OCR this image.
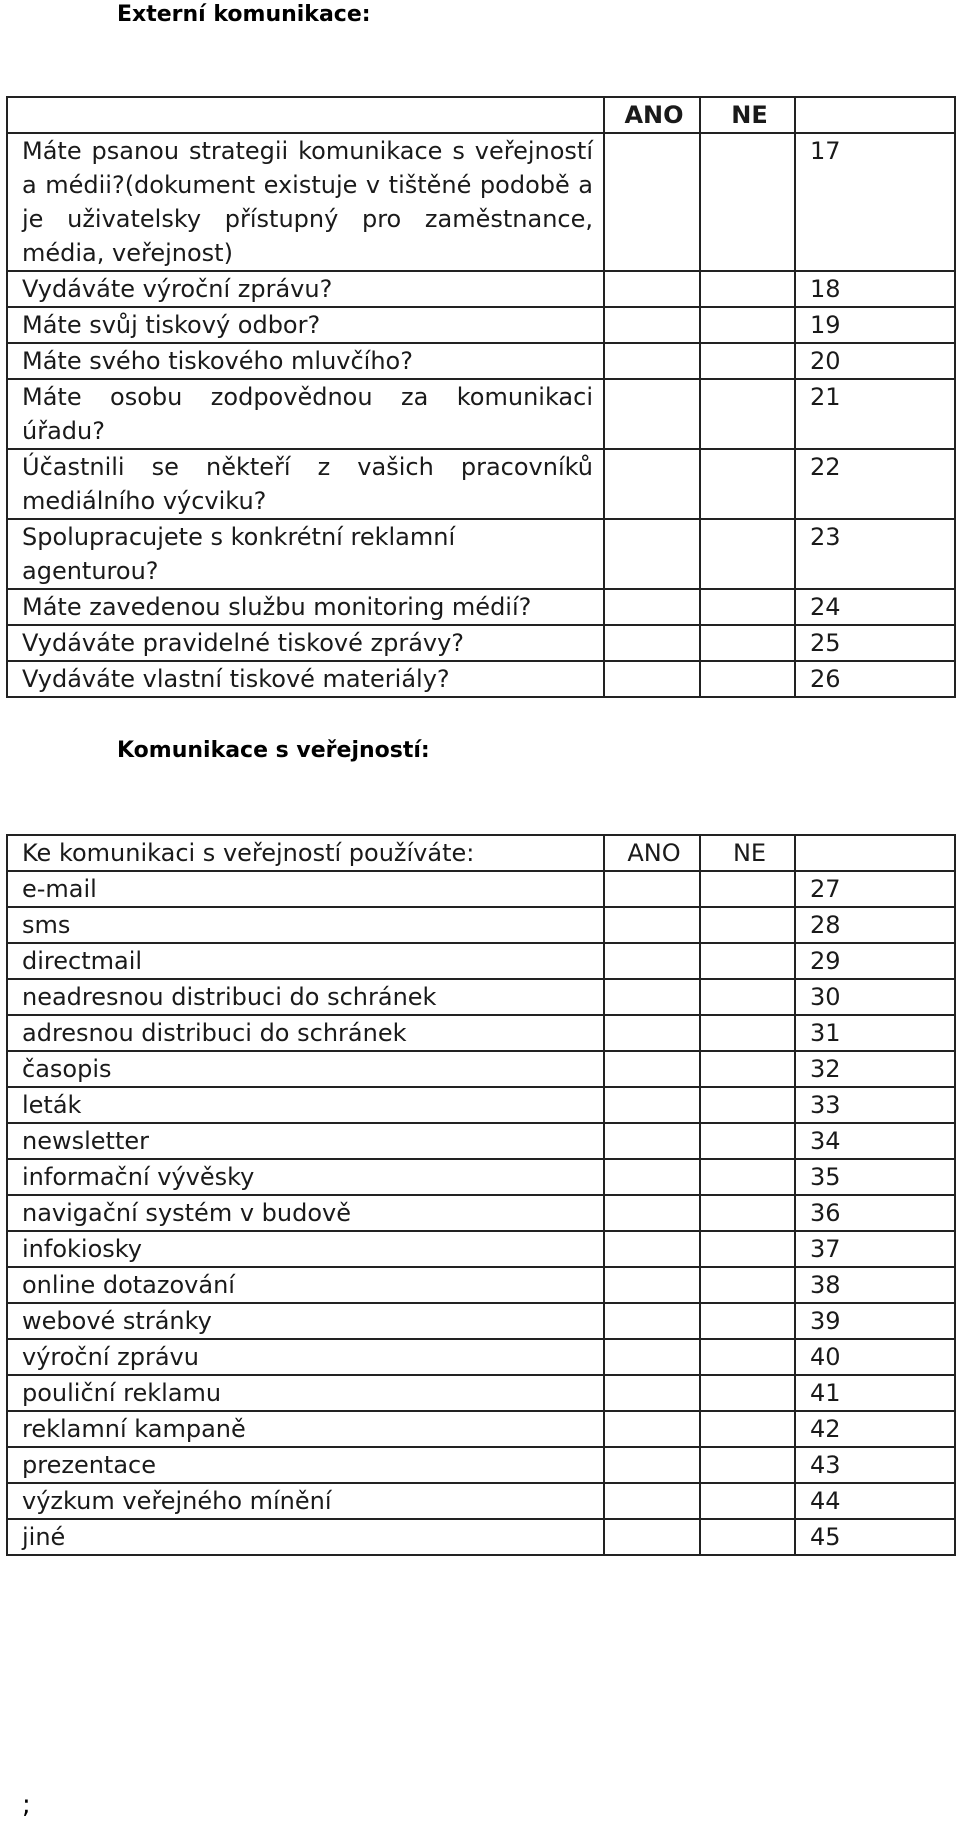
Externí komunikace:
	ANO	NE	
Máte psanou strategii komunikace s veřejností a médii?(dokument existuje v tištěné podobě a je uživatelsky přístupný pro zaměstnance, média, veřejnost)			17
Vydáváte výroční zprávu?			18
Máte svůj tiskový odbor?			19
Máte svého tiskového mluvčího?			20
Máte osobu zodpovědnou za komunikaci úřadu?			21
Účastnili se někteří z vašich pracovníků mediálního výcviku?			22
Spolupracujete s konkrétní reklamní agenturou?			23
Máte zavedenou službu monitoring médií?			24
Vydáváte pravidelné tiskové zprávy?			25
Vydáváte vlastní tiskové materiály?			26
Komunikace s veřejností:
Ke komunikaci s veřejností používáte:	ANO	NE	
e-mail			27
sms			28
directmail			29
neadresnou distribuci do schránek			30
adresnou distribuci do schránek			31
časopis			32
leták			33
newsletter			34
informační vývěsky			35
navigační systém v budově			36
infokiosky			37
online dotazování			38
webové stránky			39
výroční zprávu			40
pouliční reklamu			41
reklamní kampaně			42
prezentace			43
výzkum veřejného mínění			44
jiné			45
;
